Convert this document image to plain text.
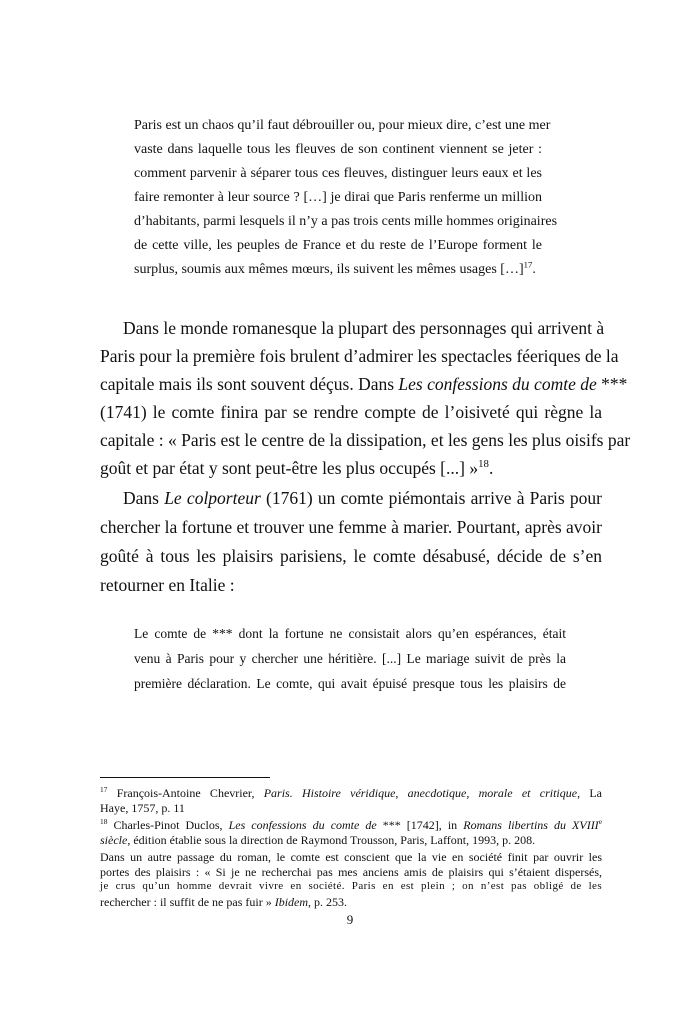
Paris est un chaos qu’il faut débrouiller ou, pour mieux dire, c’est une mer
vaste dans laquelle tous les fleuves de son continent viennent se jeter :
comment parvenir à séparer tous ces fleuves, distinguer leurs eaux et les
faire remonter à leur source ? […] je dirai que Paris renferme un million
d’habitants, parmi lesquels il n’y a pas trois cents mille hommes originaires
de cette ville, les peuples de France et du reste de l’Europe forment le
surplus, soumis aux mêmes mœurs, ils suivent les mêmes usages […]$^{17}$.
Dans le monde romanesque la plupart des personnages qui arrivent à
Paris pour la première fois brulent d’admirer les spectacles féeriques de la
capitale mais ils sont souvent déçus. Dans Les confessions du comte de ***
(1741) le comte finira par se rendre compte de l’oisiveté qui règne la
capitale : « Paris est le centre de la dissipation, et les gens les plus oisifs par
goût et par état y sont peut-être les plus occupés [...] »$^{18}$.
Dans Le colporteur (1761) un comte piémontais arrive à Paris pour
chercher la fortune et trouver une femme à marier. Pourtant, après avoir
goûté à tous les plaisirs parisiens, le comte désabusé, décide de s’en
retourner en Italie :
Le comte de *** dont la fortune ne consistait alors qu’en espérances, était
venu à Paris pour y chercher une héritière. [...] Le mariage suivit de près la
première déclaration. Le comte, qui avait épuisé presque tous les plaisirs de
$^{17}$ François-Antoine Chevrier, Paris. Histoire véridique, anecdotique, morale et critique, La
Haye, 1757, p. 11
$^{18}$ Charles-Pinot Duclos, Les confessions du comte de *** [1742], in Romans libertins du XVIIIe
siècle, édition établie sous la direction de Raymond Trousson, Paris, Laffont, 1993, p. 208.
Dans un autre passage du roman, le comte est conscient que la vie en société finit par ouvrir les
portes des plaisirs : « Si je ne recherchai pas mes anciens amis de plaisirs qui s’étaient dispersés,
je crus qu’un homme devrait vivre en société. Paris en est plein ; on n’est pas obligé de les
rechercher : il suffit de ne pas fuir » Ibidem, p. 253.
9
